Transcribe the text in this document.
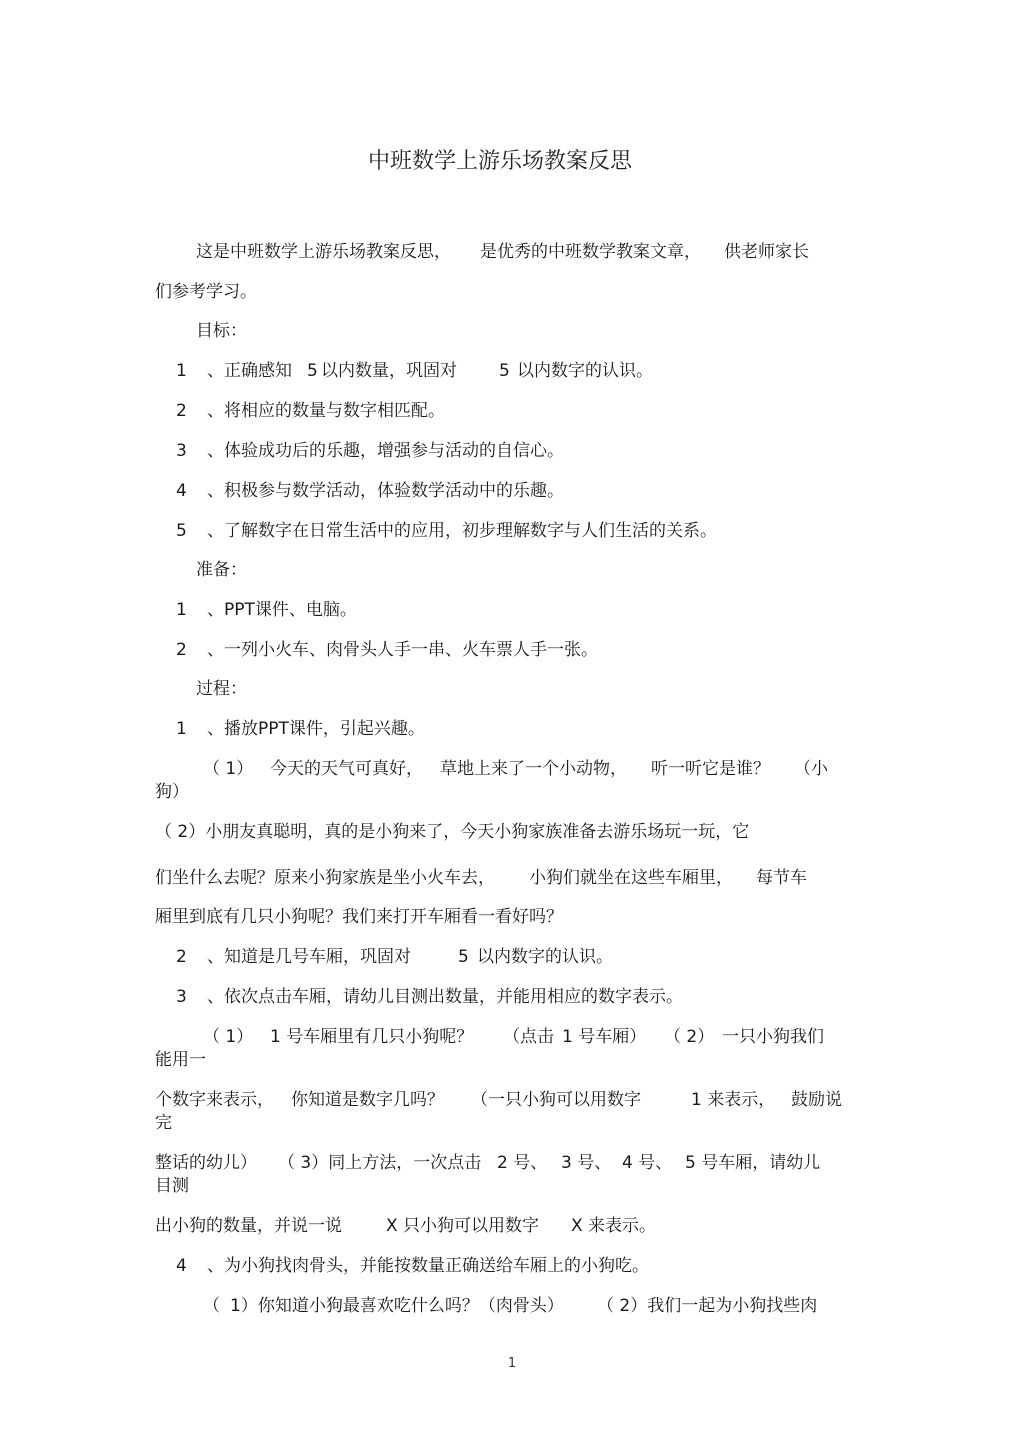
中班数学上游乐场教案反思
这是中班数学上游乐场教案反思， 是优秀的中班数学教案文章， 供老师家长
们参考学习。
目标：
1 、正确感知 5 以内数量，巩固对 5 以内数字的认识。
2 、将相应的数量与数字相匹配。
3 、体验成功后的乐趣，增强参与活动的自信心。
4 、积极参与数学活动，体验数学活动中的乐趣。
5 、了解数字在日常生活中的应用，初步理解数字与人们生活的关系。
准备：
1 、PPT课件、电脑。
2 、一列小火车、肉骨头人手一串、火车票人手一张。
过程：
1 、播放PPT课件，引起兴趣。
（ 1） 今天的天气可真好， 草地上来了一个小动物， 听一听它是谁？ （小
狗）
（ 2）小朋友真聪明，真的是小狗来了，今天小狗家族准备去游乐场玩一玩，它
们坐什么去呢？原来小狗家族是坐小火车去， 小狗们就坐在这些车厢里， 每节车
厢里到底有几只小狗呢？我们来打开车厢看一看好吗？
2 、知道是几号车厢，巩固对	5 以内数字的认识。
3 、依次点击车厢，请幼儿目测出数量，并能用相应的数字表示。
（ 1） 1 号车厢里有几只小狗呢？ （点击 1 号车厢） （ 2） 一只小狗我们
能用一
个数字来表示， 你知道是数字几吗？ （一只小狗可以用数字	1 来表示， 鼓励说
完
整话的幼儿） （ 3）同上方法，一次点击 2 号、 3 号、 4 号、 5 号车厢，请幼儿
目测
出小狗的数量，并说一说	X 只小狗可以用数字 X 来表示。
4 、为小狗找肉骨头，并能按数量正确送给车厢上的小狗吃。
（ 1）你知道小狗最喜欢吃什么吗？（肉骨头） （ 2）我们一起为小狗找些肉
1
